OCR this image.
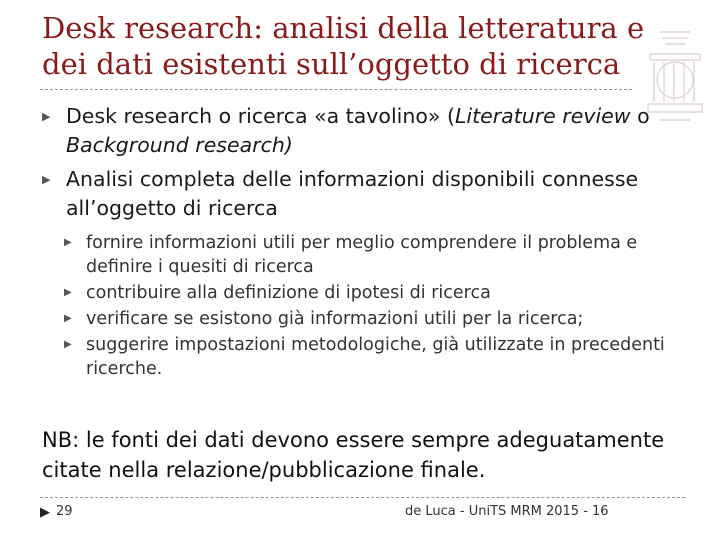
Desk research: analisi della letteratura e
dei dati esistenti sull’oggetto di ricerca
▶ Desk research o ricerca «a tavolino» (Literature review o Background research)
▶ Analisi completa delle informazioni disponibili connesse all’oggetto di ricerca
▶ fornire informazioni utili per meglio comprendere il problema e definire i quesiti di ricerca
▶ contribuire alla definizione di ipotesi di ricerca
▶ verificare se esistono già informazioni utili per la ricerca;
▶ suggerire impostazioni metodologiche, già utilizzate in precedenti ricerche.
NB: le fonti dei dati devono essere sempre adeguatamente citate nella relazione/pubblicazione finale.
▶ 29	de Luca - UniTS MRM 2015 - 16
